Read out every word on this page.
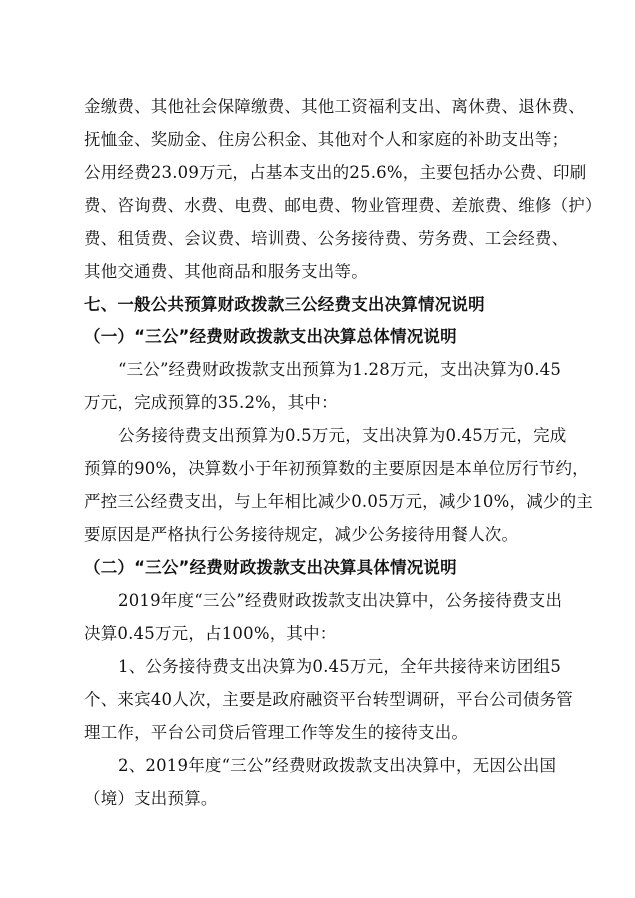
金缴费、其他社会保障缴费、其他工资福利支出、离休费、退休费、
抚恤金、奖励金、住房公积金、其他对个人和家庭的补助支出等；
公用经费23.09万元，占基本支出的25.6%，主要包括办公费、印刷
费、咨询费、水费、电费、邮电费、物业管理费、差旅费、维修（护）
费、租赁费、会议费、培训费、公务接待费、劳务费、工会经费、
其他交通费、其他商品和服务支出等。
七、一般公共预算财政拨款三公经费支出决算情况说明
（一）“三公”经费财政拨款支出决算总体情况说明
“三公”经费财政拨款支出预算为1.28万元，支出决算为0.45
万元，完成预算的35.2%，其中：
公务接待费支出预算为0.5万元，支出决算为0.45万元，完成
预算的90%，决算数小于年初预算数的主要原因是本单位厉行节约，
严控三公经费支出，与上年相比减少0.05万元，减少10%，减少的主
要原因是严格执行公务接待规定，减少公务接待用餐人次。
（二）“三公”经费财政拨款支出决算具体情况说明
2019年度“三公”经费财政拨款支出决算中，公务接待费支出
决算0.45万元，占100%，其中：
1、公务接待费支出决算为0.45万元，全年共接待来访团组5
个、来宾40人次，主要是政府融资平台转型调研，平台公司债务管
理工作，平台公司贷后管理工作等发生的接待支出。
2、2019年度“三公”经费财政拨款支出决算中，无因公出国
（境）支出预算。
